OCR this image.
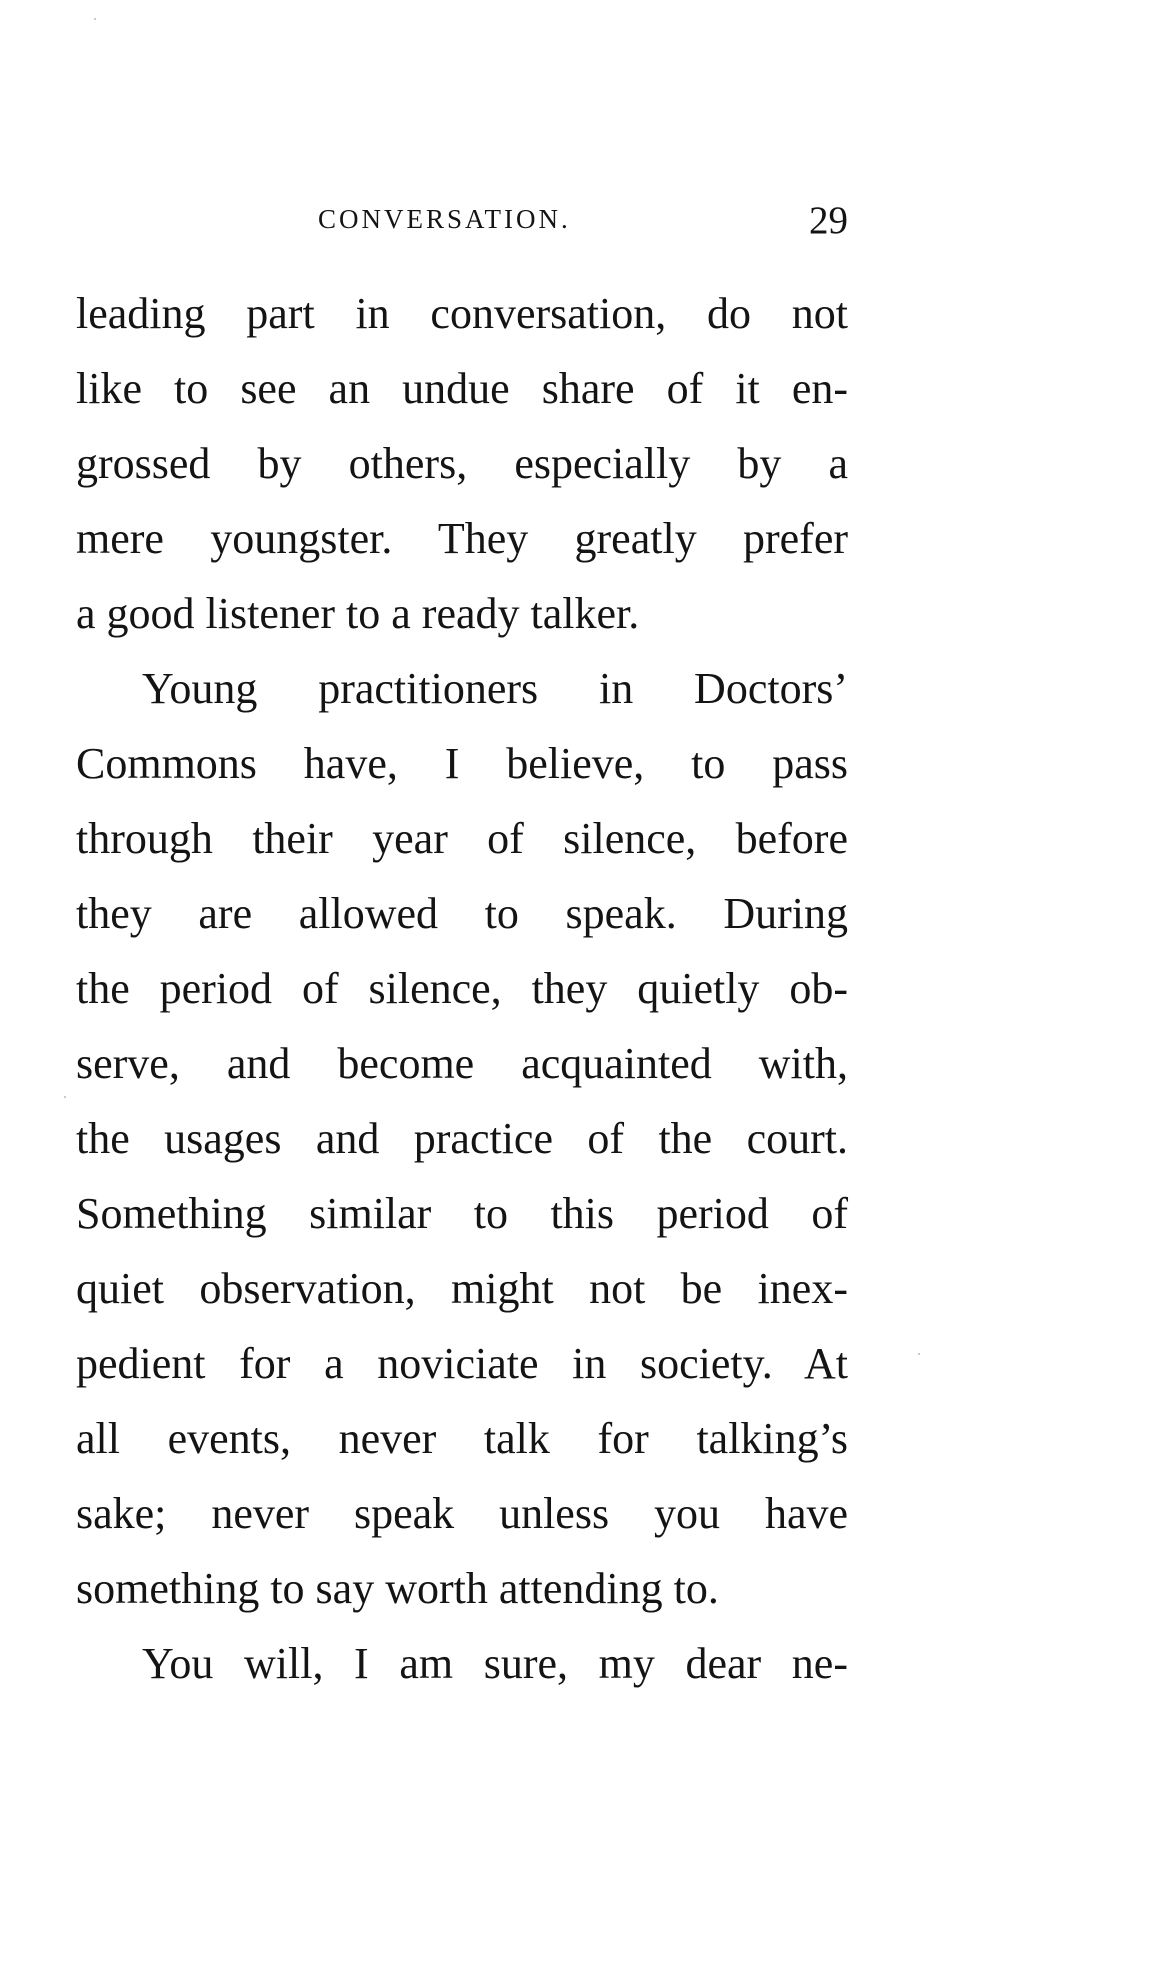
CONVERSATION.	29
leading part in conversation, do not
like to see an undue share of it en-
grossed by others, especially by a
mere youngster. They greatly prefer
a good listener to a ready talker.
Young practitioners in Doctors’
Commons have, I believe, to pass
through their year of silence, before
they are allowed to speak. During
the period of silence, they quietly ob-
serve, and become acquainted with,
the usages and practice of the court.
Something similar to this period of
quiet observation, might not be inex-
pedient for a noviciate in society. At
all events, never talk for talking’s
sake; never speak unless you have
something to say worth attending to.
You will, I am sure, my dear ne-
